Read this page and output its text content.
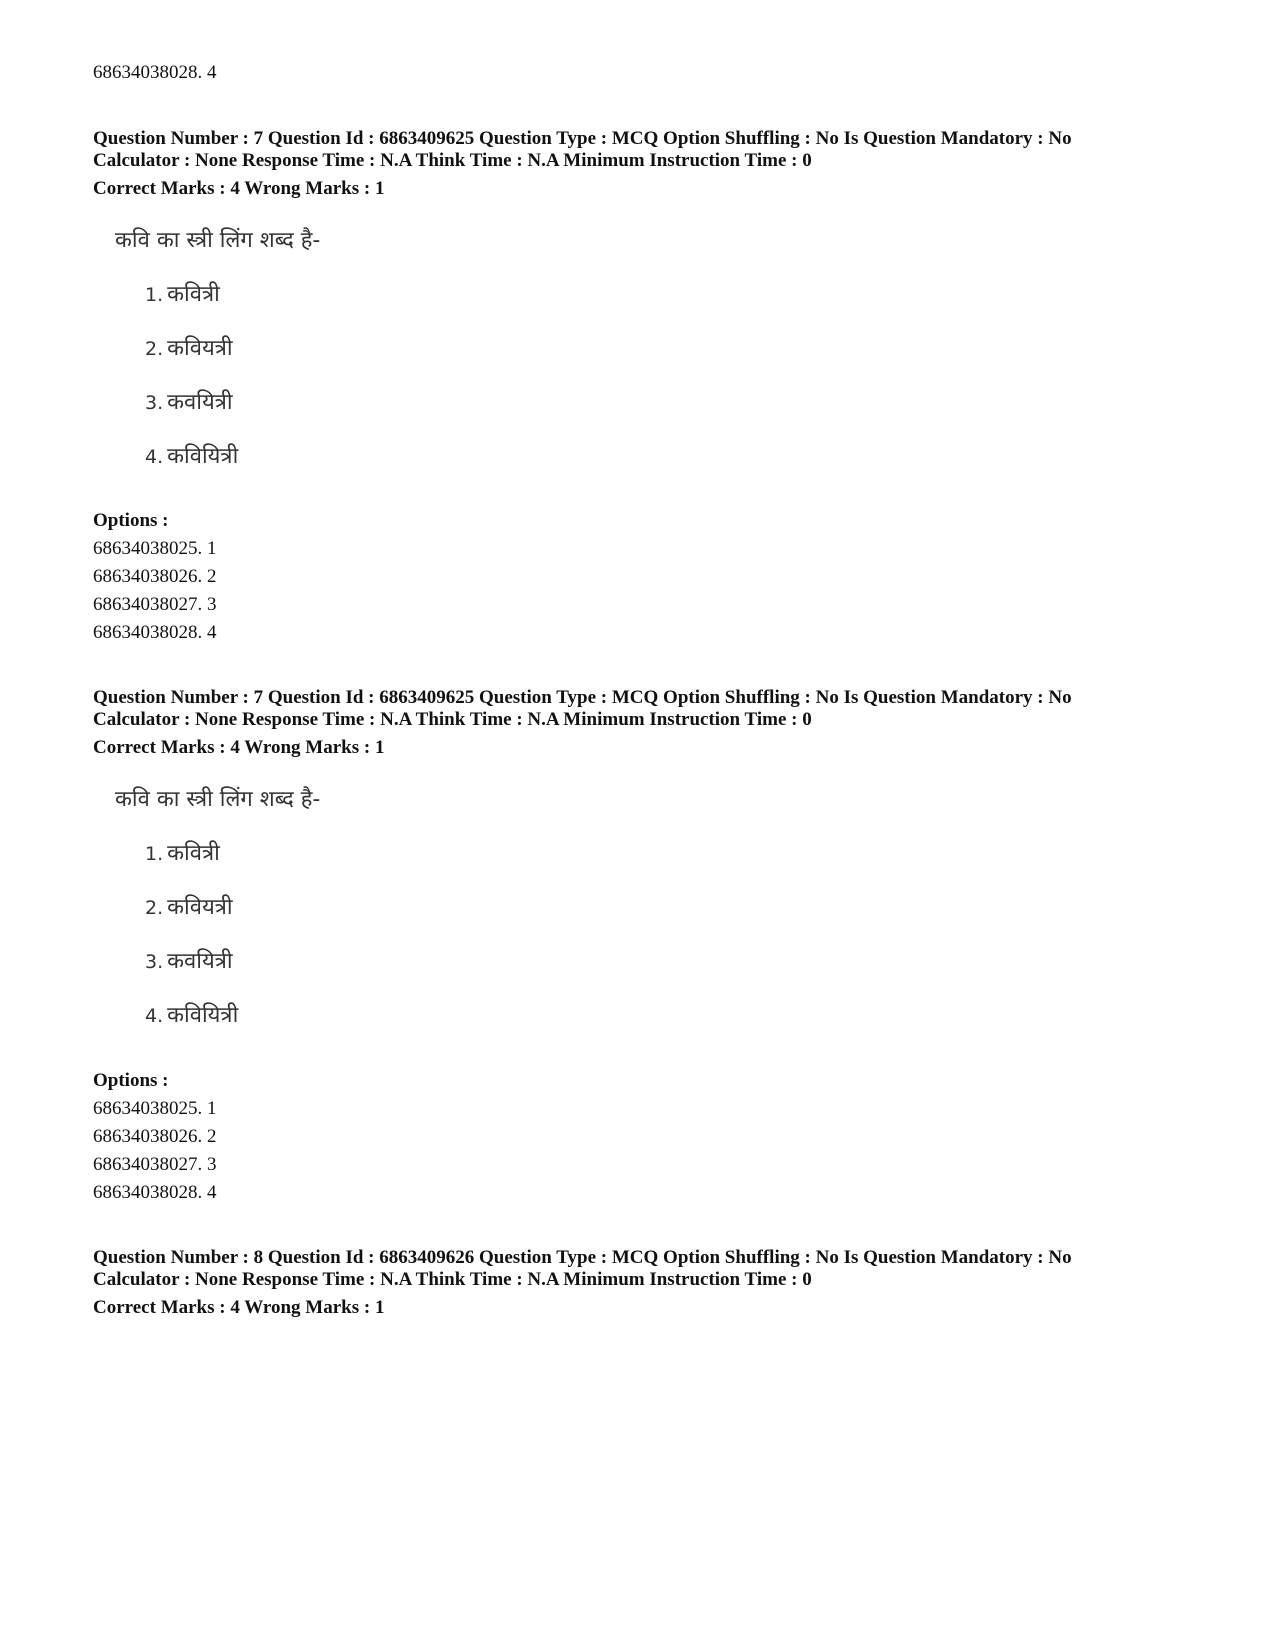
68634038028. 4
Question Number : 7 Question Id : 6863409625 Question Type : MCQ Option Shuffling : No Is Question Mandatory : No
Calculator : None Response Time : N.A Think Time : N.A Minimum Instruction Time : 0
Correct Marks : 4 Wrong Marks : 1
कवि का स्त्री लिंग शब्द है-
1. कवित्री
2. कवियत्री
3. कवयित्री
4. कवियित्री
Options :
68634038025. 1
68634038026. 2
68634038027. 3
68634038028. 4
Question Number : 7 Question Id : 6863409625 Question Type : MCQ Option Shuffling : No Is Question Mandatory : No
Calculator : None Response Time : N.A Think Time : N.A Minimum Instruction Time : 0
Correct Marks : 4 Wrong Marks : 1
कवि का स्त्री लिंग शब्द है-
1. कवित्री
2. कवियत्री
3. कवयित्री
4. कवियित्री
Options :
68634038025. 1
68634038026. 2
68634038027. 3
68634038028. 4
Question Number : 8 Question Id : 6863409626 Question Type : MCQ Option Shuffling : No Is Question Mandatory : No
Calculator : None Response Time : N.A Think Time : N.A Minimum Instruction Time : 0
Correct Marks : 4 Wrong Marks : 1
